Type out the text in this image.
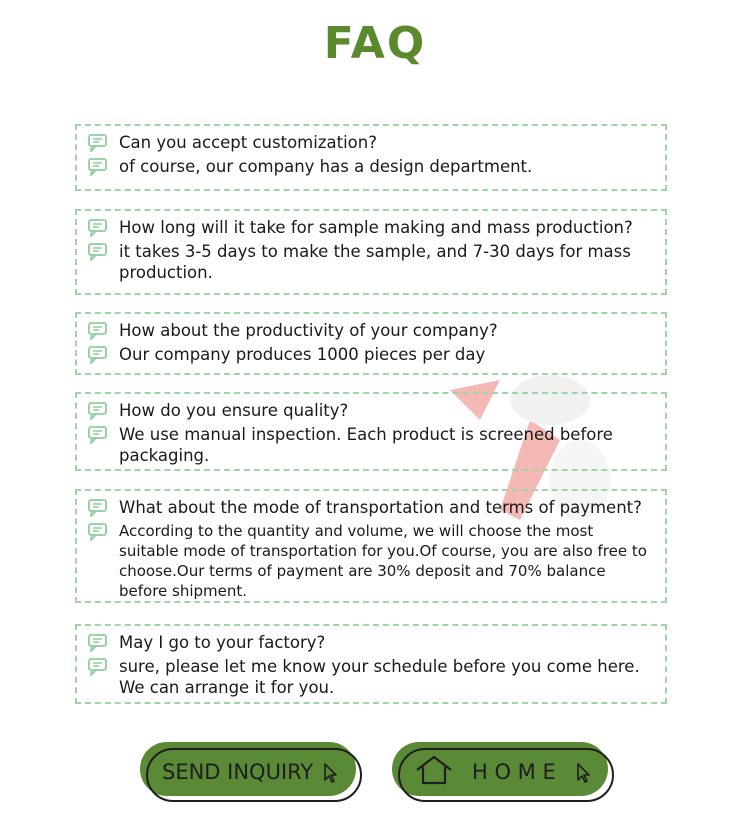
FAQ
Can you accept customization?
of course, our company has a design department.
How long will it take for sample making and mass production?
it takes 3-5 days to make the sample, and 7-30 days for mass production.
How about the productivity of your company?
Our company produces 1000 pieces per day
How do you ensure quality?
We use manual inspection. Each product is screened before packaging.
What about the mode of transportation and terms of payment?
According to the quantity and volume, we will choose the most suitable mode of transportation for you.Of course, you are also free to choose.Our terms of payment are 30% deposit and 70% balance before shipment.
May I go to your factory?
sure, please let me know your schedule before you come here. We can arrange it for you.
SEND INQUIRY	H O M E
